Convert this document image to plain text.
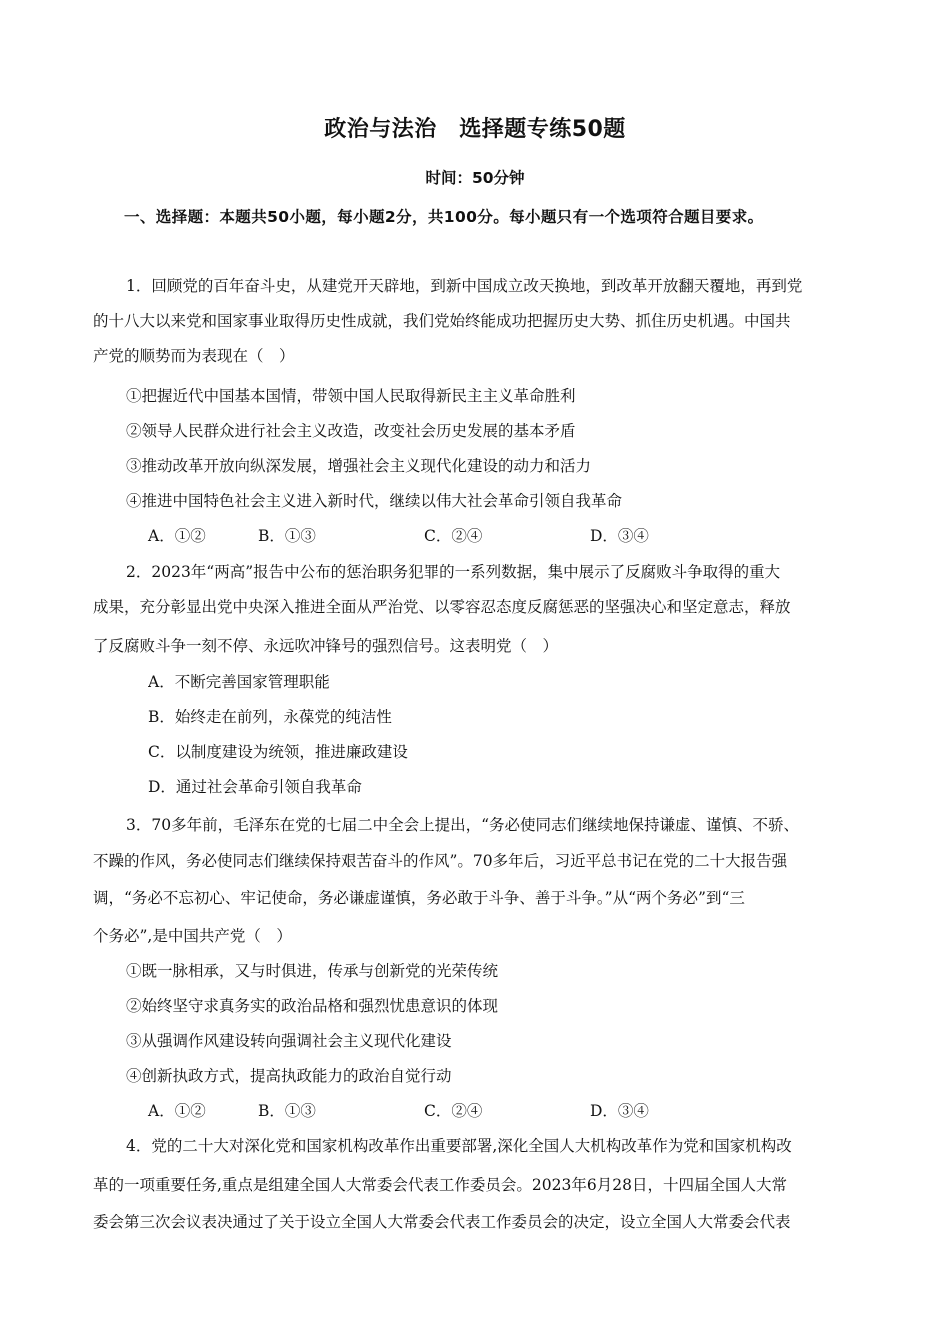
政治与法治　选择题专练50题
时间：50分钟
一、选择题：本题共50小题，每小题2分，共100分。每小题只有一个选项符合题目要求。
1．回顾党的百年奋斗史，从建党开天辟地，到新中国成立改天换地，到改革开放翻天覆地，再到党
的十八大以来党和国家事业取得历史性成就，我们党始终能成功把握历史大势、抓住历史机遇。中国共
产党的顺势而为表现在（　）
①把握近代中国基本国情，带领中国人民取得新民主主义革命胜利
②领导人民群众进行社会主义改造，改变社会历史发展的基本矛盾
③推动改革开放向纵深发展，增强社会主义现代化建设的动力和活力
④推进中国特色社会主义进入新时代，继续以伟大社会革命引领自我革命
A．①②	B．①③	C．②④	D．③④
2．2023年“两高”报告中公布的惩治职务犯罪的一系列数据，集中展示了反腐败斗争取得的重大
成果，充分彰显出党中央深入推进全面从严治党、以零容忍态度反腐惩恶的坚强决心和坚定意志，释放
了反腐败斗争一刻不停、永远吹冲锋号的强烈信号。这表明党（　）
A．不断完善国家管理职能
B．始终走在前列，永葆党的纯洁性
C．以制度建设为统领，推进廉政建设
D．通过社会革命引领自我革命
3．70多年前，毛泽东在党的七届二中全会上提出，“务必使同志们继续地保持谦虚、谨慎、不骄、
不躁的作风，务必使同志们继续保持艰苦奋斗的作风”。70多年后，习近平总书记在党的二十大报告强
调，“务必不忘初心、牢记使命，务必谦虚谨慎，务必敢于斗争、善于斗争。”从“两个务必”到“三
个务必”,是中国共产党（　）
①既一脉相承，又与时俱进，传承与创新党的光荣传统
②始终坚守求真务实的政治品格和强烈忧患意识的体现
③从强调作风建设转向强调社会主义现代化建设
④创新执政方式，提高执政能力的政治自觉行动
A．①②	B．①③	C．②④	D．③④
4．党的二十大对深化党和国家机构改革作出重要部署,深化全国人大机构改革作为党和国家机构改
革的一项重要任务,重点是组建全国人大常委会代表工作委员会。2023年6月28日，十四届全国人大常
委会第三次会议表决通过了关于设立全国人大常委会代表工作委员会的决定，设立全国人大常委会代表
